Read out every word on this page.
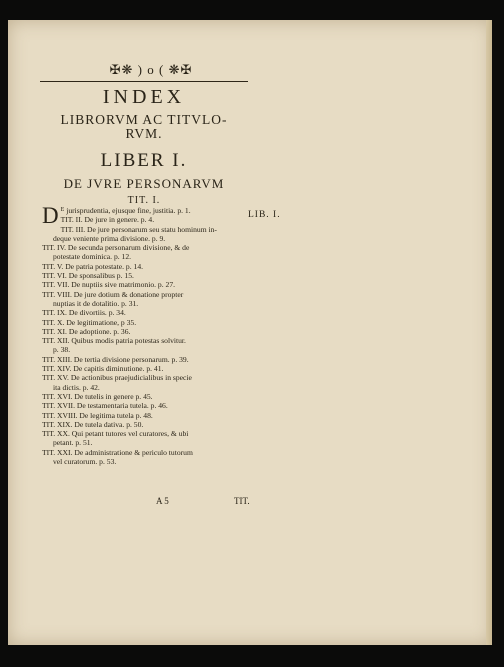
✠❋ ) o ( ❋✠
INDEX
LIBRORVM AC TITVLO-
RVM.
LIBER I.
DE JVRE PERSONARVM
TIT. I.
LIB. I.

D $^E$ jurisprudentia, ejusque fine, justitia. p. 1.

TIT. II. De jure in genere. p. 4.

TIT. III. De jure personarum seu statu hominum in-
deque veniente prima divisione. p. 9.

TIT. IV. De secunda personarum divisione, & de
potestate dominica. p. 12.

TIT. V. De patria potestate. p. 14.

TIT. VI. De sponsalibus p. 15.

TIT. VII. De nuptiis sive matrimonio. p. 27.

TIT. VIII. De jure dotium & donatione propter
nuptias it de dotalitio. p. 31.

TIT. IX. De divortiis. p. 34.

TIT. X. De legitimatione, p 35.

TIT. XI. De adoptione. p. 36.

TIT. XII. Quibus modis patria potestas solvitur.
p. 38.

TIT. XIII. De tertia divisione personarum. p. 39.

TIT. XIV. De capitis diminutione. p. 41.

TIT. XV. De actionibus praejudicialibus in specie
ita dictis. p. 42.

TIT. XVI. De tutelis in genere p. 45.

TIT. XVII. De testamentaria tutela. p. 46.

TIT. XVIII. De legitima tutela p. 48.

TIT. XIX. De tutela dativa. p. 50.

TIT. XX. Qui petant tutores vel curatores, & ubi
petant. p. 51.

TIT. XXI. De administratione & periculo tutorum
vel curatorum. p. 53.

A 5	TIT.
